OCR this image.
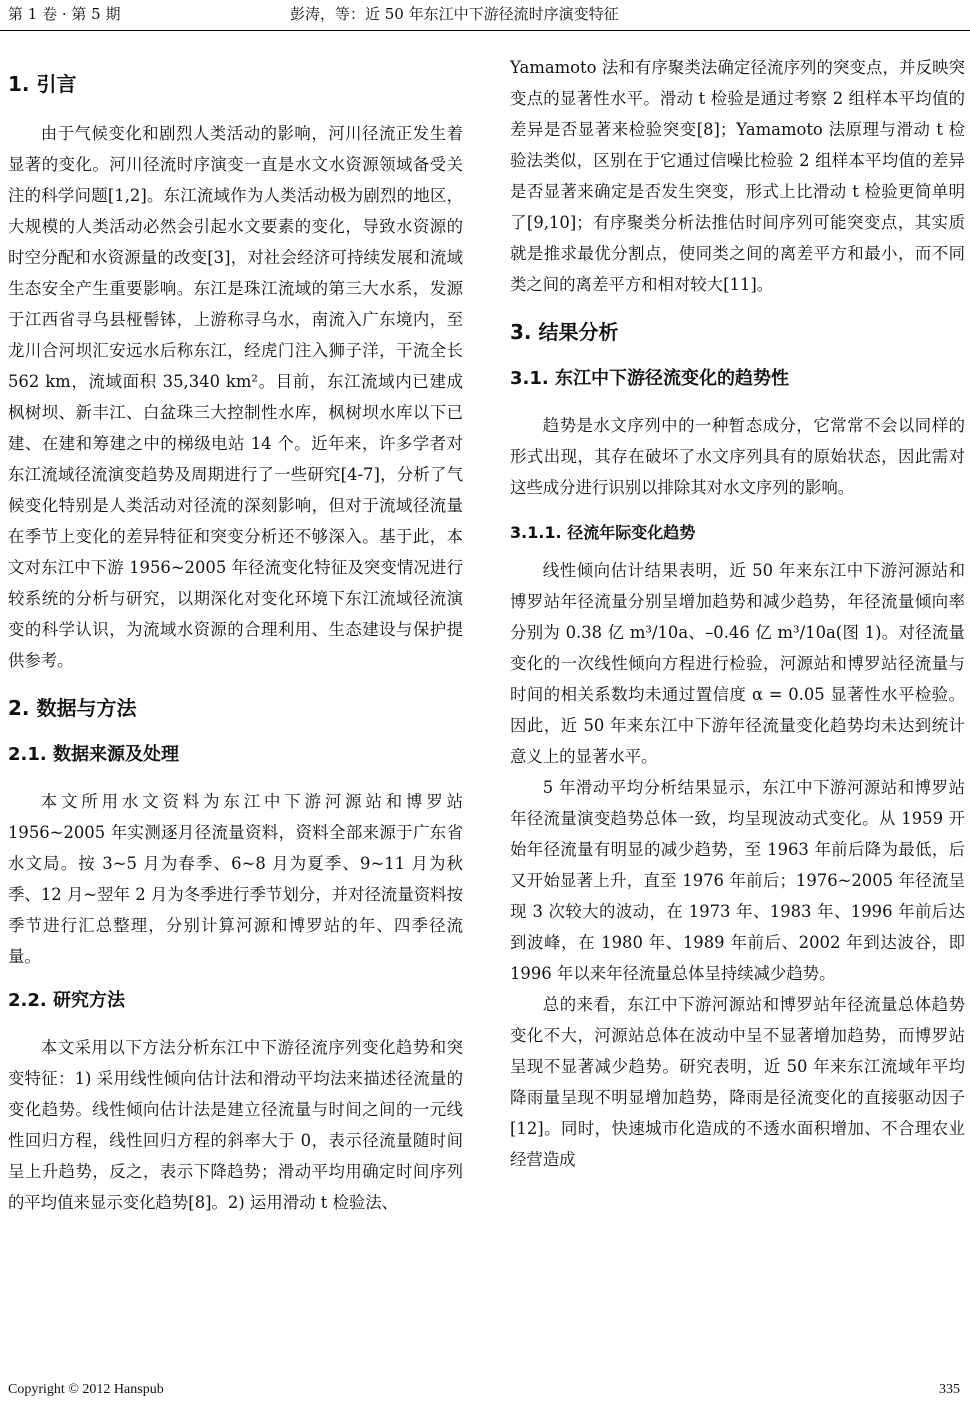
第 1 卷 · 第 5 期	彭涛，等：近 50 年东江中下游径流时序演变特征
1. 引言

由于气候变化和剧烈人类活动的影响，河川径流正发生着显著的变化。河川径流时序演变一直是水文水资源领域备受关注的科学问题[1,2]。东江流域作为人类活动极为剧烈的地区，大规模的人类活动必然会引起水文要素的变化，导致水资源的时空分配和水资源量的改变[3]，对社会经济可持续发展和流域生态安全产生重要影响。东江是珠江流域的第三大水系，发源于江西省寻乌县桠髻钵，上游称寻乌水，南流入广东境内，至龙川合河坝汇安远水后称东江，经虎门注入狮子洋，干流全长 562 km，流域面积 35,340 km²。目前，东江流域内已建成枫树坝、新丰江、白盆珠三大控制性水库，枫树坝水库以下已建、在建和筹建之中的梯级电站 14 个。近年来，许多学者对东江流域径流演变趋势及周期进行了一些研究[4-7]，分析了气候变化特别是人类活动对径流的深刻影响，但对于流域径流量在季节上变化的差异特征和突变分析还不够深入。基于此，本文对东江中下游 1956~2005 年径流变化特征及突变情况进行较系统的分析与研究，以期深化对变化环境下东江流域径流演变的科学认识，为流域水资源的合理利用、生态建设与保护提供参考。

2. 数据与方法
2.1. 数据来源及处理

本文所用水文资料为东江中下游河源站和博罗站 1956~2005 年实测逐月径流量资料，资料全部来源于广东省水文局。按 3~5 月为春季、6~8 月为夏季、9~11 月为秋季、12 月~翌年 2 月为冬季进行季节划分，并对径流量资料按季节进行汇总整理，分别计算河源和博罗站的年、四季径流量。

2.2. 研究方法

本文采用以下方法分析东江中下游径流序列变化趋势和突变特征：1) 采用线性倾向估计法和滑动平均法来描述径流量的变化趋势。线性倾向估计法是建立径流量与时间之间的一元线性回归方程，线性回归方程的斜率大于 0，表示径流量随时间呈上升趋势，反之，表示下降趋势；滑动平均用确定时间序列的平均值来显示变化趋势[8]。2) 运用滑动 t 检验法、

Yamamoto 法和有序聚类法确定径流序列的突变点，并反映突变点的显著性水平。滑动 t 检验是通过考察 2 组样本平均值的差异是否显著来检验突变[8]；Yamamoto 法原理与滑动 t 检验法类似，区别在于它通过信噪比检验 2 组样本平均值的差异是否显著来确定是否发生突变，形式上比滑动 t 检验更简单明了[9,10]；有序聚类分析法推估时间序列可能突变点，其实质就是推求最优分割点，使同类之间的离差平方和最小，而不同类之间的离差平方和相对较大[11]。

3. 结果分析
3.1. 东江中下游径流变化的趋势性

趋势是水文序列中的一种暂态成分，它常常不会以同样的形式出现，其存在破坏了水文序列具有的原始状态，因此需对这些成分进行识别以排除其对水文序列的影响。

3.1.1. 径流年际变化趋势

线性倾向估计结果表明，近 50 年来东江中下游河源站和博罗站年径流量分别呈增加趋势和减少趋势，年径流量倾向率分别为 0.38 亿 m³/10a、–0.46 亿 m³/10a(图 1)。对径流量变化的一次线性倾向方程进行检验，河源站和博罗站径流量与时间的相关系数均未通过置信度 α = 0.05 显著性水平检验。因此，近 50 年来东江中下游年径流量变化趋势均未达到统计意义上的显著水平。

5 年滑动平均分析结果显示，东江中下游河源站和博罗站年径流量演变趋势总体一致，均呈现波动式变化。从 1959 开始年径流量有明显的减少趋势，至 1963 年前后降为最低，后又开始显著上升，直至 1976 年前后；1976~2005 年径流呈现 3 次较大的波动，在 1973 年、1983 年、1996 年前后达到波峰，在 1980 年、1989 年前后、2002 年到达波谷，即 1996 年以来年径流量总体呈持续减少趋势。

总的来看，东江中下游河源站和博罗站年径流量总体趋势变化不大，河源站总体在波动中呈不显著增加趋势，而博罗站呈现不显著减少趋势。研究表明，近 50 年来东江流域年平均降雨量呈现不明显增加趋势，降雨是径流变化的直接驱动因子[12]。同时，快速城市化造成的不透水面积增加、不合理农业经营造成

Copyright © 2012 Hanspub	335
